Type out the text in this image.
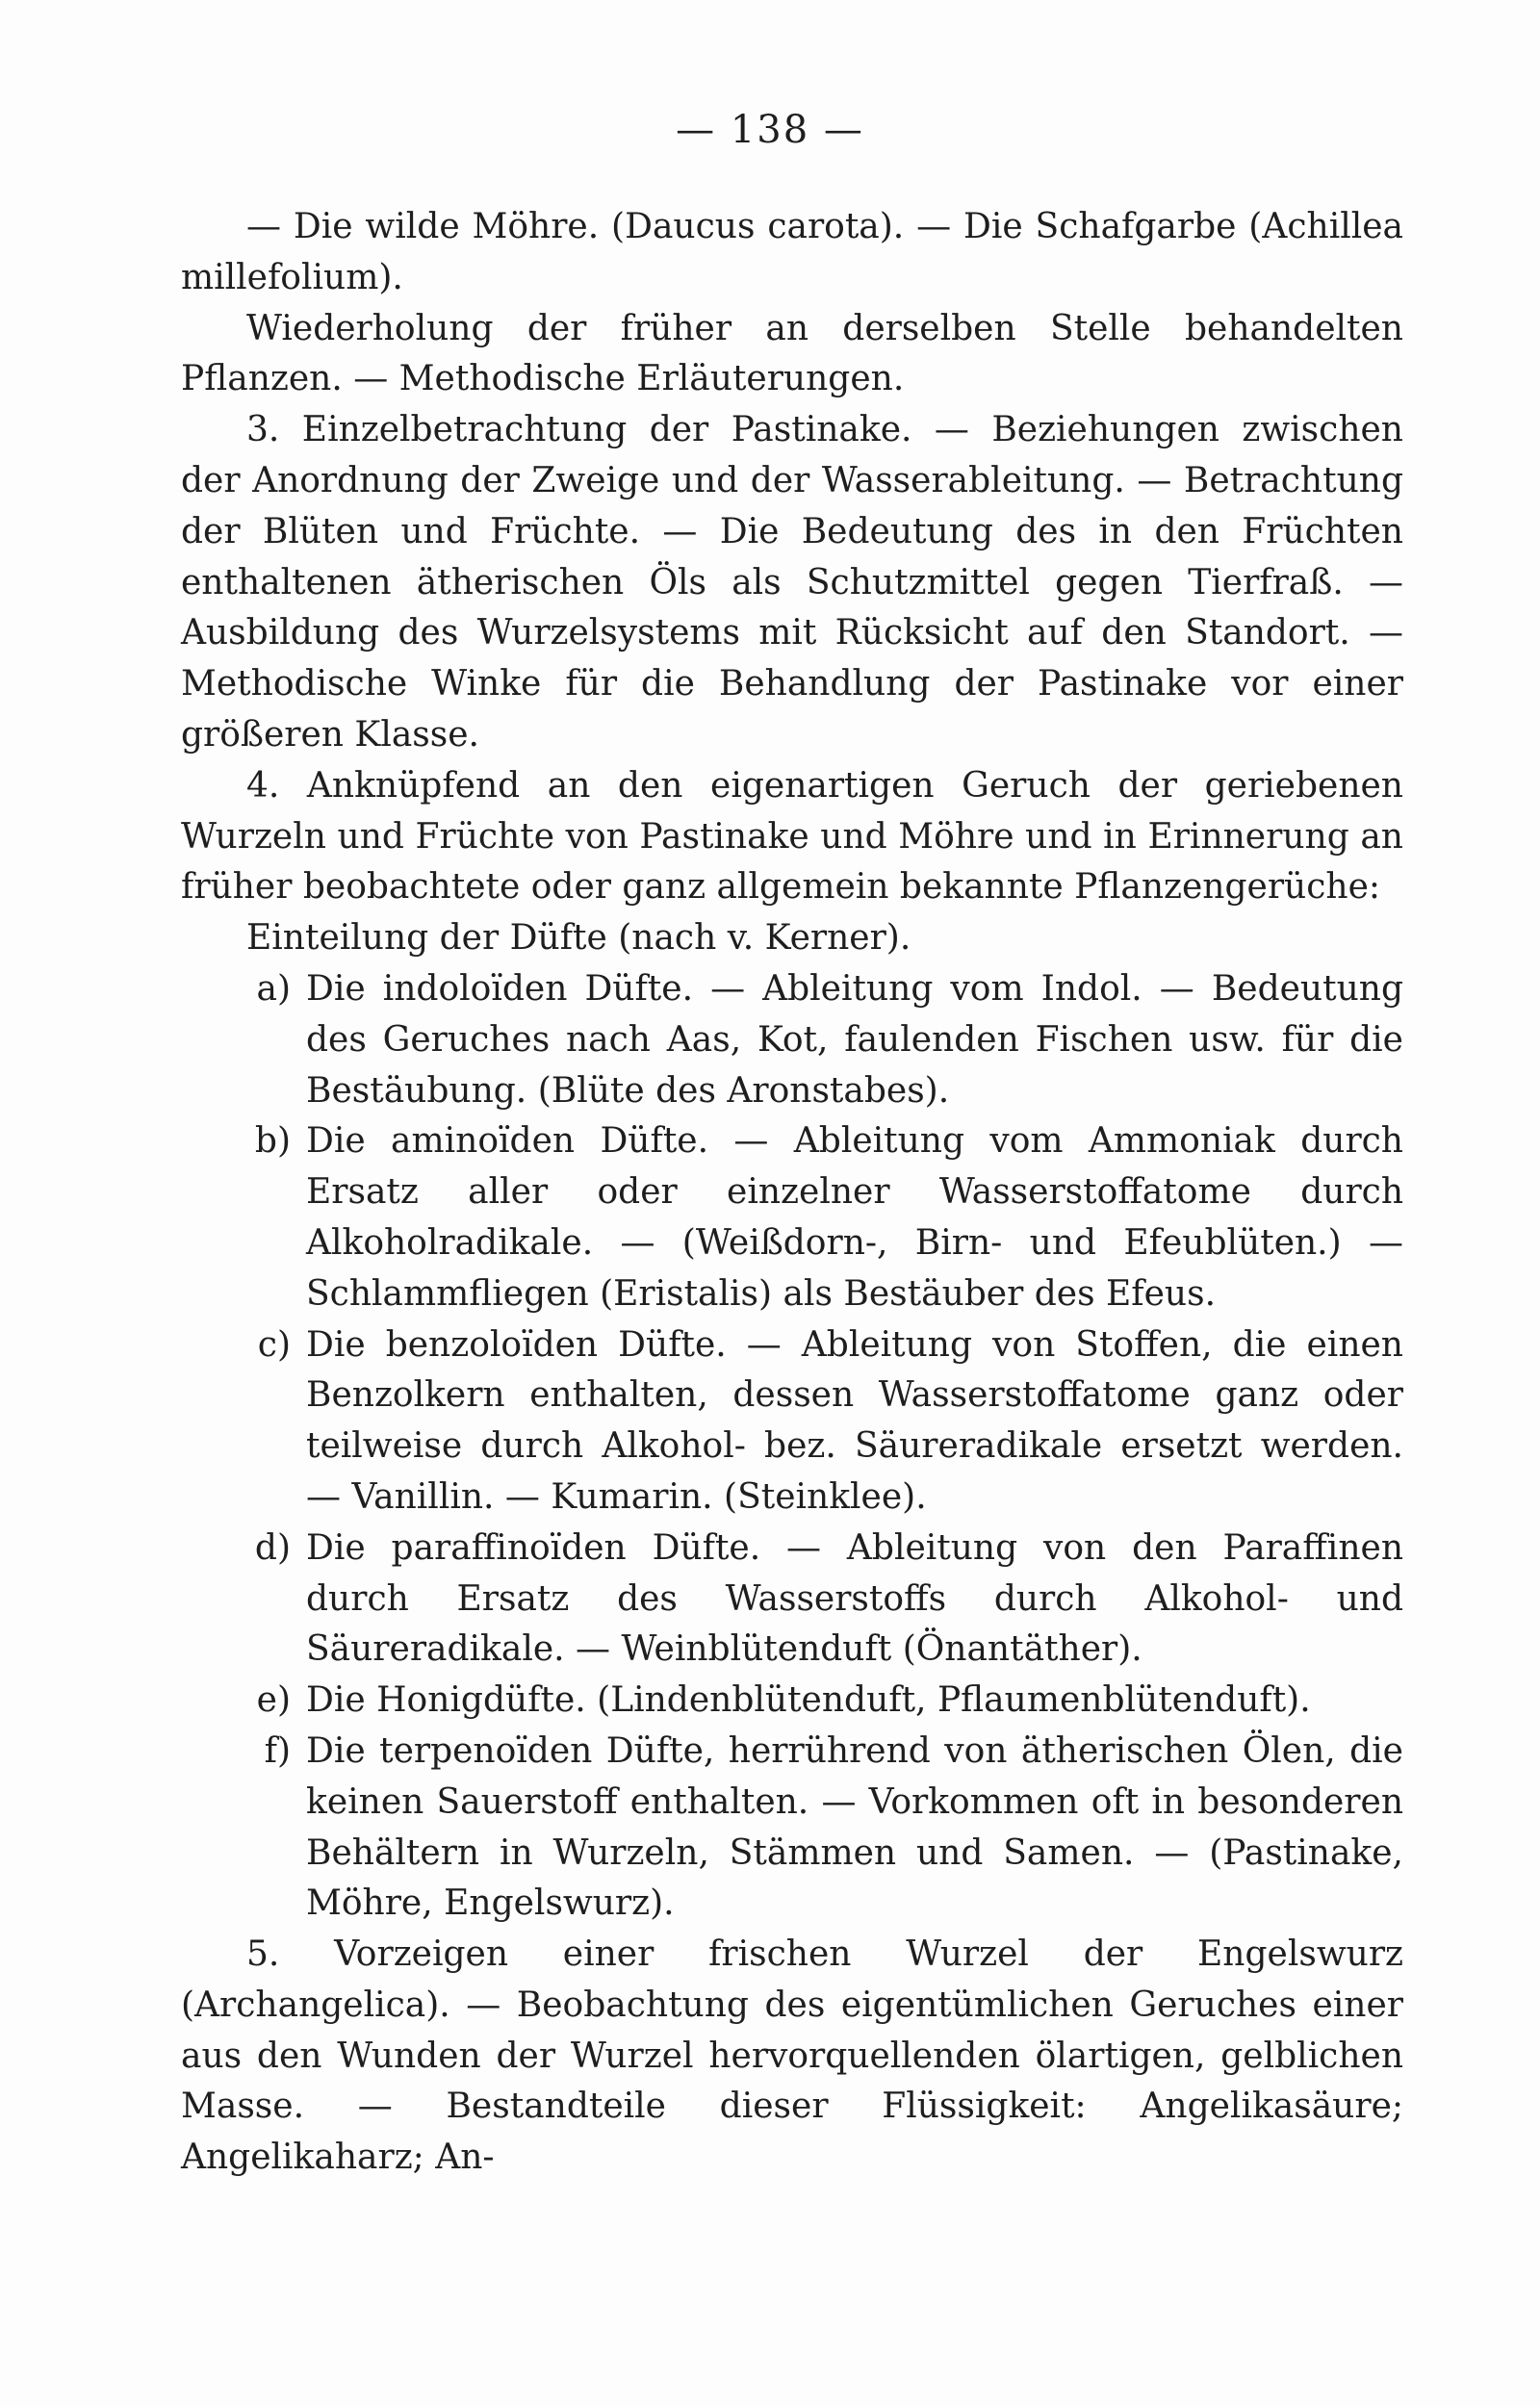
— 138 —

— Die wilde Möhre. (Daucus carota). — Die Schafgarbe (Achillea millefolium).

Wiederholung der früher an derselben Stelle behandelten Pflanzen. — Methodische Erläuterungen.

3. Einzelbetrachtung der Pastinake. — Beziehungen zwischen der Anordnung der Zweige und der Wasserableitung. — Betrachtung der Blüten und Früchte. — Die Bedeutung des in den Früchten enthaltenen ätherischen Öls als Schutzmittel gegen Tierfraß. — Ausbildung des Wurzelsystems mit Rücksicht auf den Standort. — Methodische Winke für die Behandlung der Pastinake vor einer größeren Klasse.

4. Anknüpfend an den eigenartigen Geruch der geriebenen Wurzeln und Früchte von Pastinake und Möhre und in Erinnerung an früher beobachtete oder ganz allgemein bekannte Pflanzengerüche:

Einteilung der Düfte (nach v. Kerner).

a) Die indoloïden Düfte. — Ableitung vom Indol. — Bedeutung des Geruches nach Aas, Kot, faulenden Fischen usw. für die Bestäubung. (Blüte des Aronstabes).
b) Die aminoïden Düfte. — Ableitung vom Ammoniak durch Ersatz aller oder einzelner Wasserstoffatome durch Alkoholradikale. — (Weißdorn-, Birn- und Efeublüten.) — Schlammfliegen (Eristalis) als Bestäuber des Efeus.
c) Die benzoloïden Düfte. — Ableitung von Stoffen, die einen Benzolkern enthalten, dessen Wasserstoffatome ganz oder teilweise durch Alkohol- bez. Säureradikale ersetzt werden. — Vanillin. — Kumarin. (Steinklee).
d) Die paraffinoïden Düfte. — Ableitung von den Paraffinen durch Ersatz des Wasserstoffs durch Alkohol- und Säureradikale. — Weinblütenduft (Önantäther).
e) Die Honigdüfte. (Lindenblütenduft, Pflaumenblütenduft).
f) Die terpenoïden Düfte, herrührend von ätherischen Ölen, die keinen Sauerstoff enthalten. — Vorkommen oft in besonderen Behältern in Wurzeln, Stämmen und Samen. — (Pastinake, Möhre, Engelswurz).

5. Vorzeigen einer frischen Wurzel der Engelswurz (Archangelica). — Beobachtung des eigentümlichen Geruches einer aus den Wunden der Wurzel hervorquellenden ölartigen, gelblichen Masse. — Bestandteile dieser Flüssigkeit: Angelikasäure; Angelikaharz; An-
